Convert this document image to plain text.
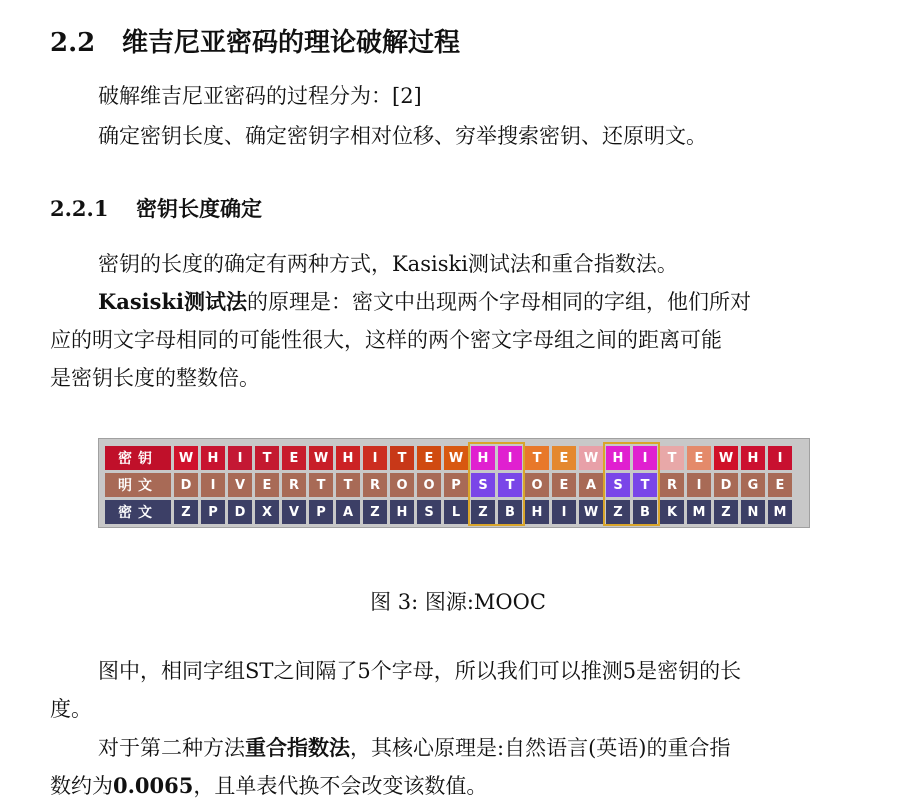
2.2 维吉尼亚密码的理论破解过程
破解维吉尼亚密码的过程分为：[2]
确定密钥长度、确定密钥字相对位移、穷举搜索密钥、还原明文。
2.2.1 密钥长度确定
密钥的长度的确定有两种方式，Kasiski测试法和重合指数法。
Kasiski测试法的原理是：密文中出现两个字母相同的字组，他们所对
应的明文字母相同的可能性很大，这样的两个密文字母组之间的距离可能
是密钥长度的整数倍。
密钥	W	H	I	T	E	W	H	I	T	E	W	H	I	T	E	W	H	I	T	E	W	H	I
明文	D	I	V	E	R	T	T	R	O	O	P	S	T	O	E	A	S	T	R	I	D	G	E
密文	Z	P	D	X	V	P	A	Z	H	S	L	Z	B	H	I	W	Z	B	K	M	Z	N	M
图 3: 图源:MOOC
图中，相同字组ST之间隔了5个字母，所以我们可以推测5是密钥的长
度。
对于第二种方法重合指数法，其核心原理是:自然语言(英语)的重合指
数约为0.0065，且单表代换不会改变该数值。
